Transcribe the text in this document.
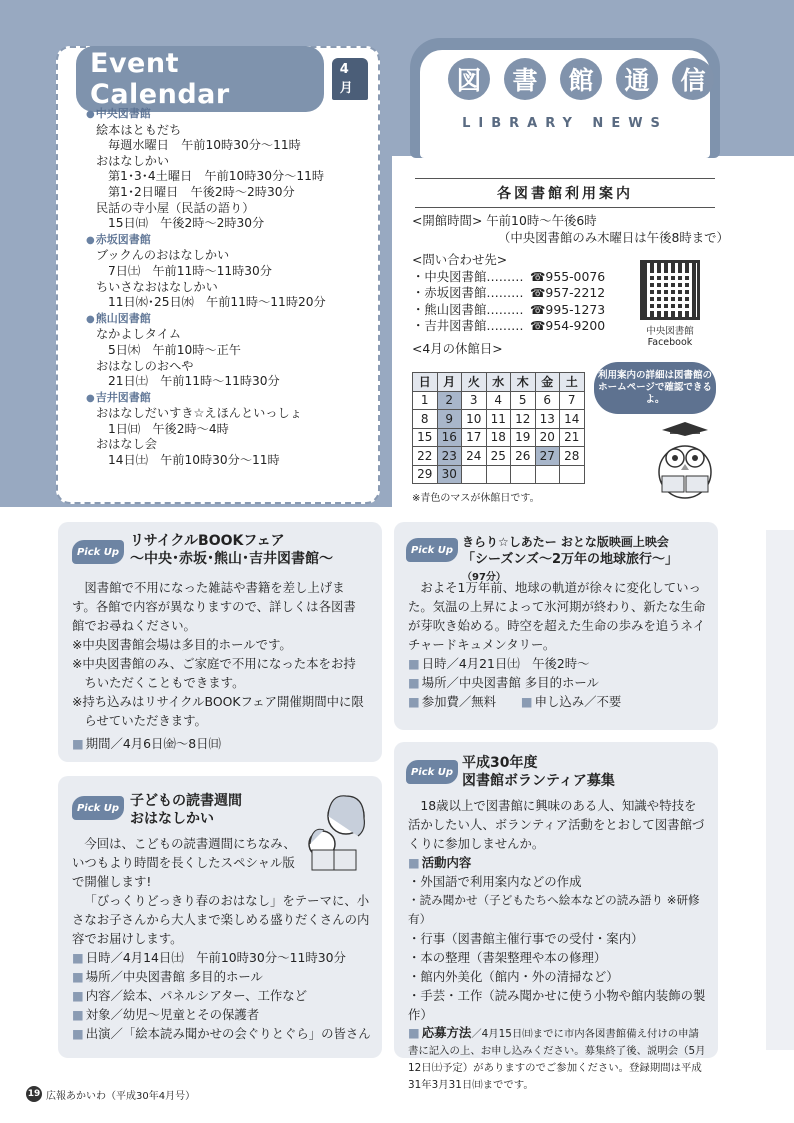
Event Calendar
4月
● 中央図書館
絵本はともだち
毎週水曜日　午前10時30分～11時
おはなしかい
第1･3･4土曜日　午前10時30分～11時
第1･2日曜日　午後2時～2時30分
民話の寺小屋（民話の語り）
15日㈰　午後2時～2時30分
● 赤坂図書館
ブックんのおはなしかい
7日㈯　午前11時～11時30分
ちいさなおはなしかい
11日㈬･25日㈬　午前11時～11時20分
● 熊山図書館
なかよしタイム
5日㈭　午前10時～正午
おはなしのおへや
21日㈯　午前11時～11時30分
● 吉井図書館
おはなしだいすき☆えほんといっしょ
1日㈰　午後2時～4時
おはなし会
14日㈯　午前10時30分～11時
図	書	館	通	信
LIBRARY NEWS
市内図書館の利用案内・開催イベント紹介
各図書館利用案内
<開館時間> 午前10時～午後6時
（中央図書館のみ木曜日は午後8時まで）
<問い合わせ先>
・中央図書館……… ☎955-0076
・赤坂図書館……… ☎957-2212
・熊山図書館……… ☎995-1273
・吉井図書館……… ☎954-9200
<4月の休館日>
中央図書館
Facebook
日	月	火	水	木	金	土
1	2	3	4	5	6	7
8	9	10	11	12	13	14
15	16	17	18	19	20	21
22	23	24	25	26	27	28
29	30					
※青色のマスが休館日です。
利用案内の詳細は図書館のホームページで確認できるよ。
Pick Up
リサイクルBOOKフェア
～中央･赤坂･熊山･吉井図書館～

図書館で不用になった雑誌や書籍を差し上げます。各館で内容が異なりますので、詳しくは各図書館でお尋ねください。

※中央図書館会場は多目的ホールです。

※中央図書館のみ、ご家庭で不用になった本をお持ちいただくこともできます。

※持ち込みはリサイクルBOOKフェア開催期間中に限らせていただきます。

■ 期間／4月6日㈮～8日㈰

Pick Up
きらり☆しあたー おとな版映画上映会
「シーズンズ～2万年の地球旅行～」（97分）

およそ1万年前、地球の軌道が徐々に変化していった。気温の上昇によって氷河期が終わり、新たな生命が芽吹き始める。時空を超えた生命の歩みを追うネイチャードキュメンタリー。

■ 日時／4月21日㈯　午後2時～

■ 場所／中央図書館 多目的ホール

■ 参加費／無料　　	■ 申し込み／不要

Pick Up 子どもの読書週間
おはなしかい

今回は、こどもの読書週間にちなみ、いつもより時間を長くしたスペシャル版で開催します!

「びっくりどっきり春のおはなし」をテーマに、小さなお子さんから大人まで楽しめる盛りだくさんの内容でお届けします。

■ 日時／4月14日㈯　午前10時30分～11時30分

■ 場所／中央図書館 多目的ホール

■ 内容／絵本、パネルシアター、工作など

■ 対象／幼児～児童とその保護者

■ 出演／「絵本読み聞かせの会ぐりとぐら」の皆さん

Pick Up
平成30年度
図書館ボランティア募集

18歳以上で図書館に興味のある人、知識や特技を活かしたい人、ボランティア活動をとおして図書館づくりに参加しませんか。

■ 活動内容

・外国語で利用案内などの作成

・読み聞かせ（子どもたちへ絵本などの読み語り ※研修有）

・行事（図書館主催行事での受付・案内）

・本の整理（書架整理や本の修理）

・館内外美化（館内・外の清掃など）

・手芸・工作（読み聞かせに使う小物や館内装飾の製作）

■ 応募方法／4月15日㈰までに市内各図書館備え付けの申請書に記入の上、お申し込みください。募集終了後、説明会（5月12日㈯予定）がありますのでご参加ください。登録期間は平成31年3月31日㈰までです。

19 広報あかいわ（平成30年4月号）
